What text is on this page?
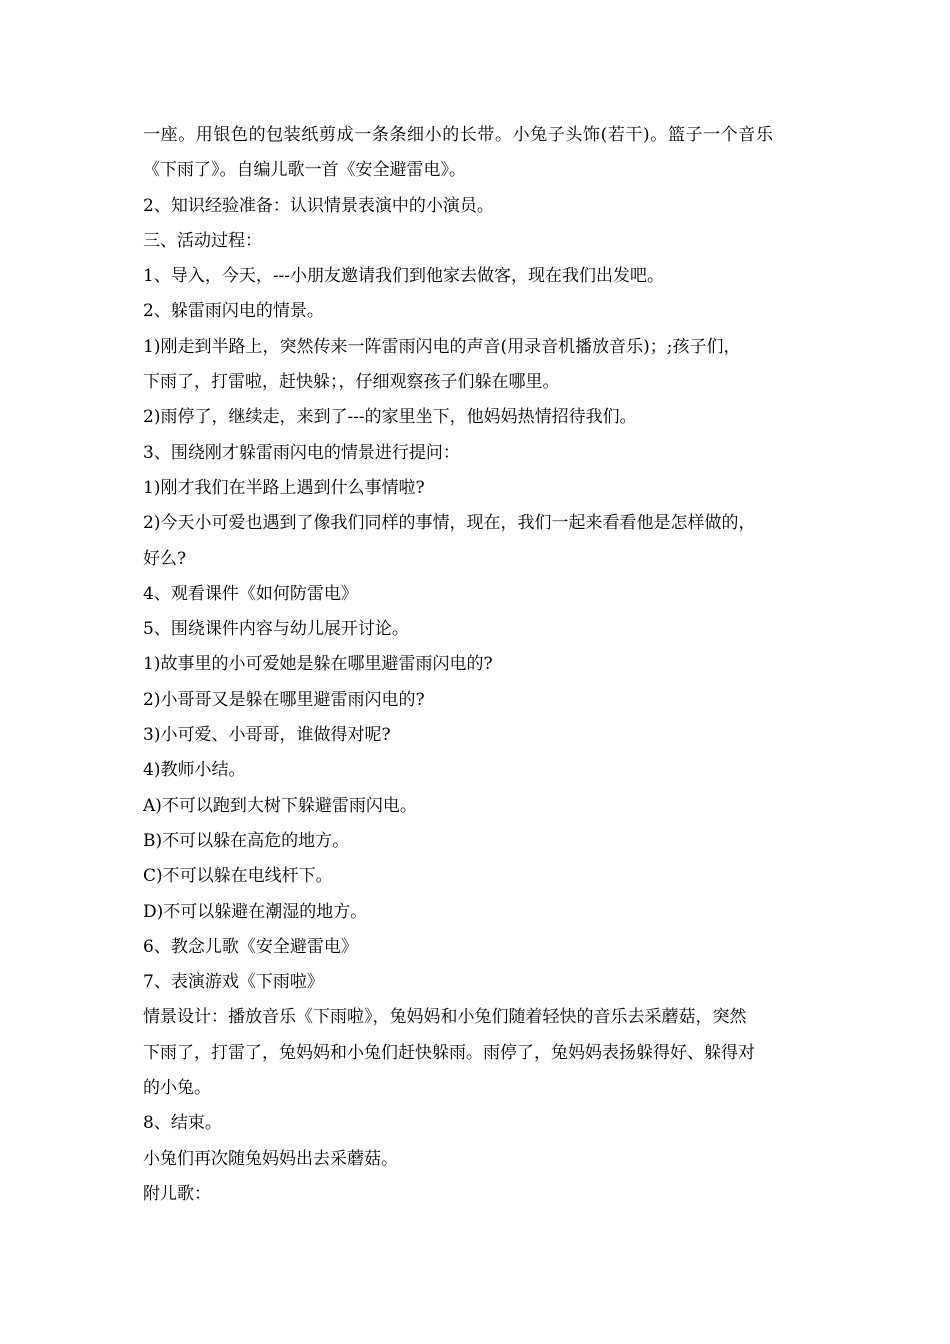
一座。用银色的包装纸剪成一条条细小的长带。小兔子头饰(若干)。篮子一个音乐
《下雨了》。自编儿歌一首《安全避雷电》。
2、知识经验准备：认识情景表演中的小演员。
三、活动过程：
1、导入，今天，---小朋友邀请我们到他家去做客，现在我们出发吧。
2、躲雷雨闪电的情景。
1)刚走到半路上，突然传来一阵雷雨闪电的声音(用录音机播放音乐)；;孩子们，
下雨了，打雷啦，赶快躲；，仔细观察孩子们躲在哪里。
2)雨停了，继续走，来到了---的家里坐下，他妈妈热情招待我们。
3、围绕刚才躲雷雨闪电的情景进行提问：
1)刚才我们在半路上遇到什么事情啦?
2)今天小可爱也遇到了像我们同样的事情，现在，我们一起来看看他是怎样做的，
好么?
4、观看课件《如何防雷电》
5、围绕课件内容与幼儿展开讨论。
1)故事里的小可爱她是躲在哪里避雷雨闪电的?
2)小哥哥又是躲在哪里避雷雨闪电的?
3)小可爱、小哥哥，谁做得对呢?
4)教师小结。
A)不可以跑到大树下躲避雷雨闪电。
B)不可以躲在高危的地方。
C)不可以躲在电线杆下。
D)不可以躲避在潮湿的地方。
6、教念儿歌《安全避雷电》
7、表演游戏《下雨啦》
情景设计：播放音乐《下雨啦》，兔妈妈和小兔们随着轻快的音乐去采蘑菇，突然
下雨了，打雷了，兔妈妈和小兔们赶快躲雨。雨停了，兔妈妈表扬躲得好、躲得对
的小兔。
8、结束。
小兔们再次随兔妈妈出去采蘑菇。
附儿歌：
